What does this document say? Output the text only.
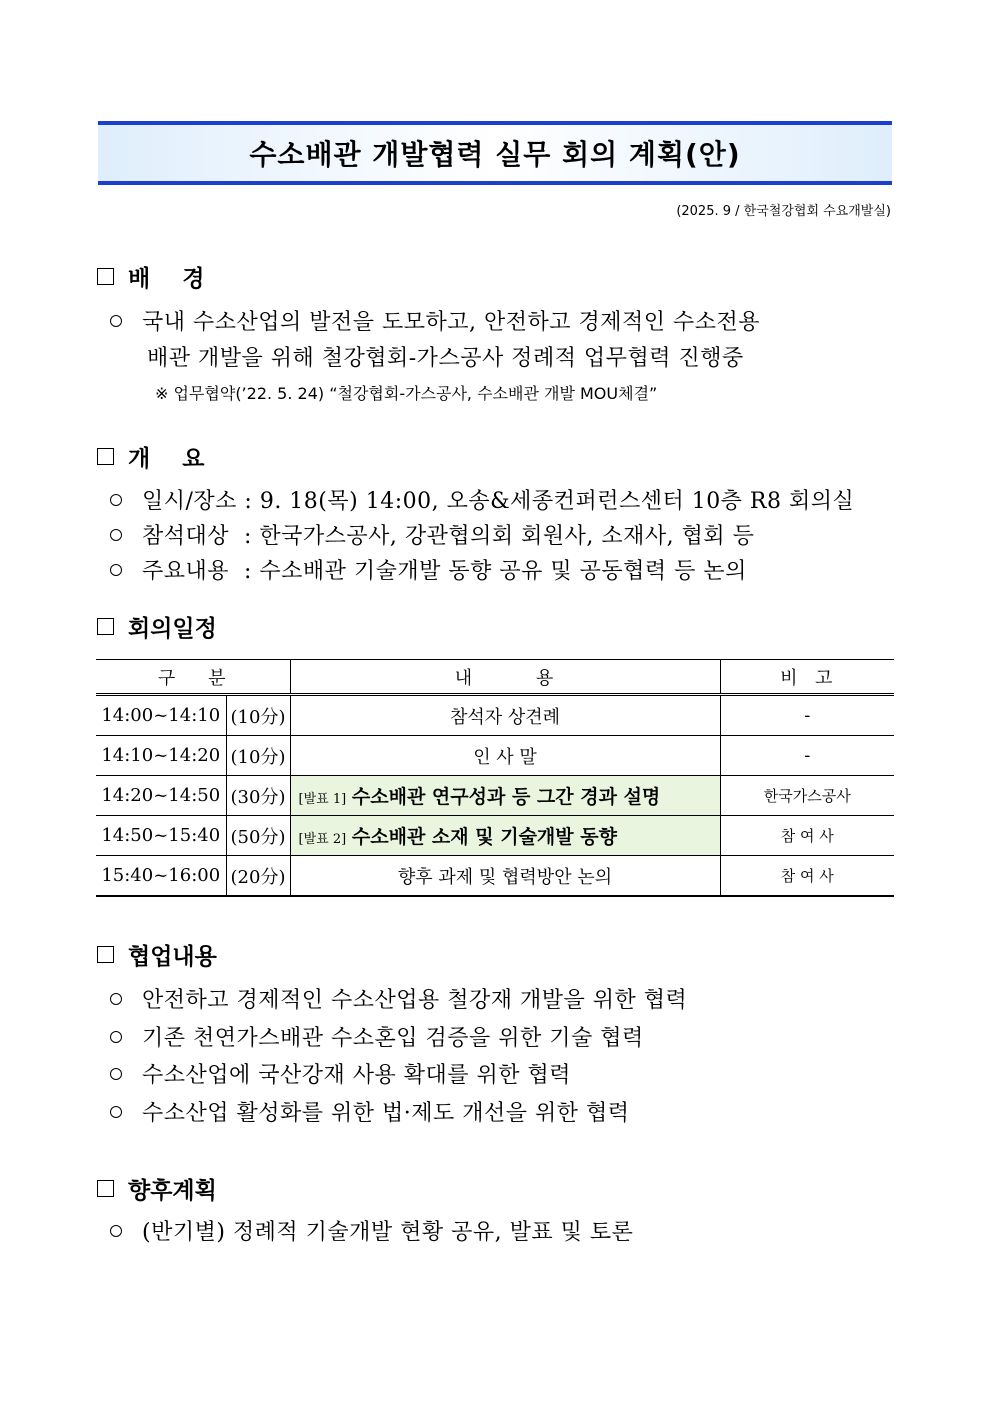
수소배관 개발협력 실무 회의 계획(안)
(2025. 9 / 한국철강협회 수요개발실)
배    경
국내 수소산업의 발전을 도모하고, 안전하고 경제적인 수소전용
배관 개발을 위해 철강협회-가스공사 정례적 업무협력 진행중
※ 업무협약(’22. 5. 24) “철강협회-가스공사, 수소배관 개발 MOU체결”
개    요
일시/장소 : 9. 18(목) 14:00, 오송&세종컨퍼런스센터 10층 R8 회의실
참석대상  : 한국가스공사, 강관협의회 회원사, 소재사, 협회 등
주요내용  : 수소배관 기술개발 동향 공유 및 공동협력 등 논의
회의일정
구    분		내        용	비  고
14:00~14:10	(10分)	참석자 상견례	-
14:10~14:20	(10分)	인 사 말	-
14:20~14:50	(30分)	[발표 1] 수소배관 연구성과 등 그간 경과 설명	한국가스공사
14:50~15:40	(50分)	[발표 2] 수소배관 소재 및 기술개발 동향	참 여 사
15:40~16:00	(20分)	향후 과제 및 협력방안 논의	참 여 사
협업내용
안전하고 경제적인 수소산업용 철강재 개발을 위한 협력
기존 천연가스배관 수소혼입 검증을 위한 기술 협력
수소산업에 국산강재 사용 확대를 위한 협력
수소산업 활성화를 위한 법·제도 개선을 위한 협력
향후계획
(반기별) 정례적 기술개발 현황 공유, 발표 및 토론
